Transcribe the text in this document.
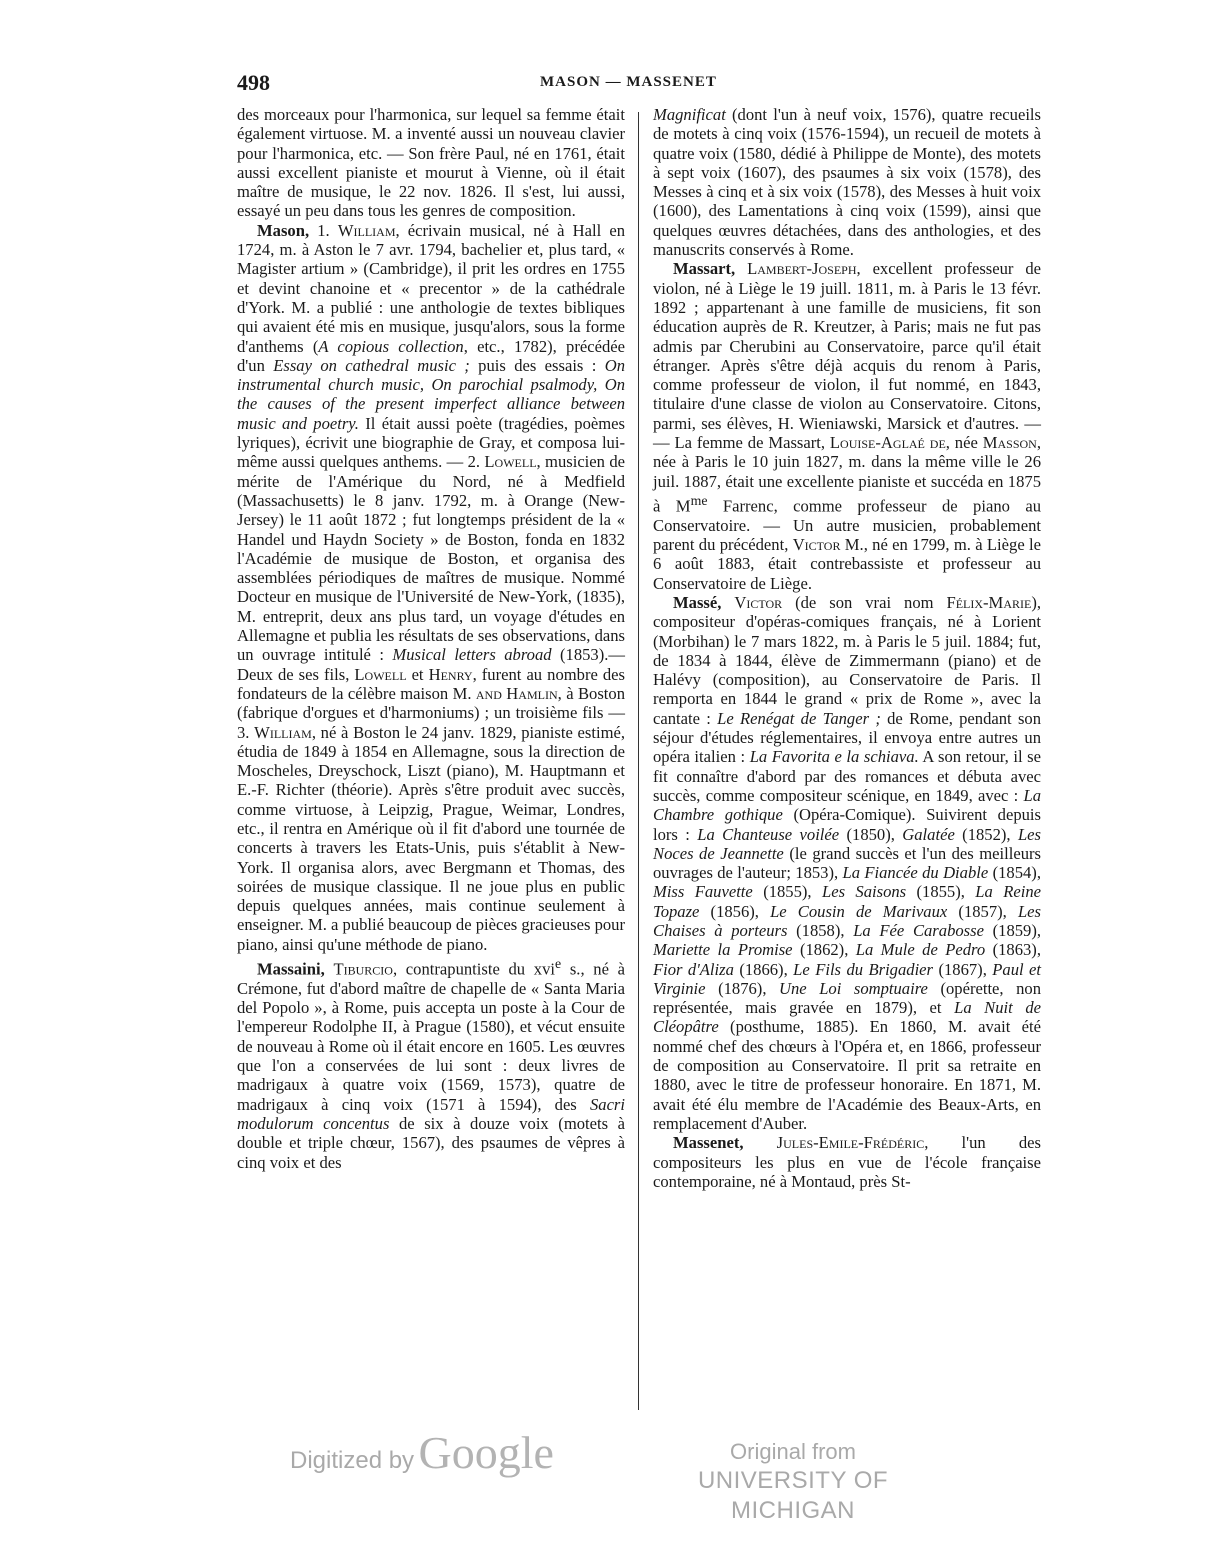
498	MASON — MASSENET

des morceaux pour l'harmonica, sur lequel sa femme était également virtuose. M. a inventé aussi un nouveau clavier pour l'harmonica, etc. — Son frère Paul, né en 1761, était aussi excellent pianiste et mourut à Vienne, où il était maître de musique, le 22 nov. 1826. Il s'est, lui aussi, essayé un peu dans tous les genres de composition.

Mason, 1. William, écrivain musical, né à Hall en 1724, m. à Aston le 7 avr. 1794, bachelier et, plus tard, « Magister artium » (Cambridge), il prit les ordres en 1755 et devint chanoine et « precentor » de la cathédrale d'York. M. a publié : une anthologie de textes bibliques qui avaient été mis en musique, jusqu'alors, sous la forme d'anthems (A copious collection, etc., 1782), précédée d'un Essay on cathedral music ; puis des essais : On instrumental church music, On parochial psalmody, On the causes of the present imperfect alliance between music and poetry. Il était aussi poète (tragédies, poèmes lyriques), écrivit une biographie de Gray, et composa lui-même aussi quelques anthems. — 2. Lowell, musicien de mérite de l'Amérique du Nord, né à Medfield (Massachusetts) le 8 janv. 1792, m. à Orange (New-Jersey) le 11 août 1872 ; fut longtemps président de la « Handel und Haydn Society » de Boston, fonda en 1832 l'Académie de musique de Boston, et organisa des assemblées périodiques de maîtres de musique. Nommé Docteur en musique de l'Université de New-York, (1835), M. entreprit, deux ans plus tard, un voyage d'études en Allemagne et publia les résultats de ses observations, dans un ouvrage intitulé : Musical letters abroad (1853).— Deux de ses fils, Lowell et Henry, furent au nombre des fondateurs de la célèbre maison M. and Hamlin, à Boston (fabrique d'orgues et d'harmoniums) ; un troisième fils — 3. William, né à Boston le 24 janv. 1829, pianiste estimé, étudia de 1849 à 1854 en Allemagne, sous la direction de Moscheles, Dreyschock, Liszt (piano), M. Hauptmann et E.-F. Richter (théorie). Après s'être produit avec succès, comme virtuose, à Leipzig, Prague, Weimar, Londres, etc., il rentra en Amérique où il fit d'abord une tournée de concerts à travers les Etats-Unis, puis s'établit à New-York. Il organisa alors, avec Bergmann et Thomas, des soirées de musique classique. Il ne joue plus en public depuis quelques années, mais continue seulement à enseigner. M. a publié beaucoup de pièces gracieuses pour piano, ainsi qu'une méthode de piano.

Massaini, Tiburcio, contrapuntiste du xvi$^e$ s., né à Crémone, fut d'abord maître de chapelle de « Santa Maria del Popolo », à Rome, puis accepta un poste à la Cour de l'empereur Rodolphe II, à Prague (1580), et vécut ensuite de nouveau à Rome où il était encore en 1605. Les œuvres que l'on a conservées de lui sont : deux livres de madrigaux à quatre voix (1569, 1573), quatre de madrigaux à cinq voix (1571 à 1594), des Sacri modulorum concentus de six à douze voix (motets à double et triple chœur, 1567), des psaumes de vêpres à cinq voix et des

Magnificat (dont l'un à neuf voix, 1576), quatre recueils de motets à cinq voix (1576-1594), un recueil de motets à quatre voix (1580, dédié à Philippe de Monte), des motets à sept voix (1607), des psaumes à six voix (1578), des Messes à cinq et à six voix (1578), des Messes à huit voix (1600), des Lamentations à cinq voix (1599), ainsi que quelques œuvres détachées, dans des anthologies, et des manuscrits conservés à Rome.

Massart, Lambert-Joseph, excellent professeur de violon, né à Liège le 19 juill. 1811, m. à Paris le 13 févr. 1892 ; appartenant à une famille de musiciens, fit son éducation auprès de R. Kreutzer, à Paris; mais ne fut pas admis par Cherubini au Conservatoire, parce qu'il était étranger. Après s'être déjà acquis du renom à Paris, comme professeur de violon, il fut nommé, en 1843, titulaire d'une classe de violon au Conservatoire. Citons, parmi, ses élèves, H. Wieniawski, Marsick et d'autres. — — La femme de Massart, Louise-Aglaé de, née Masson, née à Paris le 10 juin 1827, m. dans la même ville le 26 juil. 1887, était une excellente pianiste et succéda en 1875 à $M^{me}$ Farrenc, comme professeur de piano au Conservatoire. — Un autre musicien, probablement parent du précédent, Victor M., né en 1799, m. à Liège le 6 août 1883, était contrebassiste et professeur au Conservatoire de Liège.

Massé, Victor (de son vrai nom Félix-Marie), compositeur d'opéras-comiques français, né à Lorient (Morbihan) le 7 mars 1822, m. à Paris le 5 juil. 1884; fut, de 1834 à 1844, élève de Zimmermann (piano) et de Halévy (composition), au Conservatoire de Paris. Il remporta en 1844 le grand « prix de Rome », avec la cantate : Le Renégat de Tanger ; de Rome, pendant son séjour d'études réglementaires, il envoya entre autres un opéra italien : La Favorita e la schiava. A son retour, il se fit connaître d'abord par des romances et débuta avec succès, comme compositeur scénique, en 1849, avec : La Chambre gothique (Opéra-Comique). Suivirent depuis lors : La Chanteuse voilée (1850), Galatée (1852), Les Noces de Jeannette (le grand succès et l'un des meilleurs ouvrages de l'auteur; 1853), La Fiancée du Diable (1854), Miss Fauvette (1855), Les Saisons (1855), La Reine Topaze (1856), Le Cousin de Marivaux (1857), Les Chaises à porteurs (1858), La Fée Carabosse (1859), Mariette la Promise (1862), La Mule de Pedro (1863), Fior d'Aliza (1866), Le Fils du Brigadier (1867), Paul et Virginie (1876), Une Loi somptuaire (opérette, non représentée, mais gravée en 1879), et La Nuit de Cléopâtre (posthume, 1885). En 1860, M. avait été nommé chef des chœurs à l'Opéra et, en 1866, professeur de composition au Conservatoire. Il prit sa retraite en 1880, avec le titre de professeur honoraire. En 1871, M. avait été élu membre de l'Académie des Beaux-Arts, en remplacement d'Auber.

Massenet, Jules-Emile-Frédéric, l'un des compositeurs les plus en vue de l'école française contemporaine, né à Montaud, près St-

Digitized by Google	Original from
UNIVERSITY OF MICHIGAN
